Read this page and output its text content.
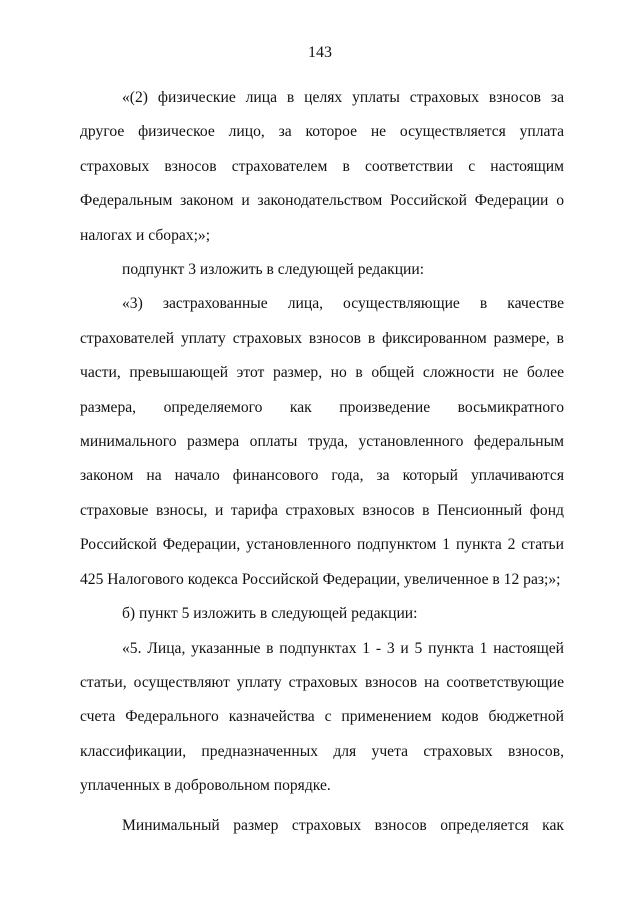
143

«(2) физические лица в целях уплаты страховых взносов за другое физическое лицо, за которое не осуществляется уплата страховых взносов страхователем в соответствии с настоящим Федеральным законом и законодательством Российской Федерации о налогах и сборах;»;

подпункт 3 изложить в следующей редакции:

«3) застрахованные лица, осуществляющие в качестве страхователей уплату страховых взносов в фиксированном размере, в части, превышающей этот размер, но в общей сложности не более размера, определяемого как произведение восьмикратного минимального размера оплаты труда, установленного федеральным законом на начало финансового года, за который уплачиваются страховые взносы, и тарифа страховых взносов в Пенсионный фонд Российской Федерации, установленного подпунктом 1 пункта 2 статьи 425 Налогового кодекса Российской Федерации, увеличенное в 12 раз;»;

б) пункт 5 изложить в следующей редакции:

«5. Лица, указанные в подпунктах 1 - 3 и 5 пункта 1 настоящей статьи, осуществляют уплату страховых взносов на соответствующие счета Федерального казначейства с применением кодов бюджетной классификации, предназначенных для учета страховых взносов, уплаченных в добровольном порядке.

Минимальный размер страховых взносов определяется как
